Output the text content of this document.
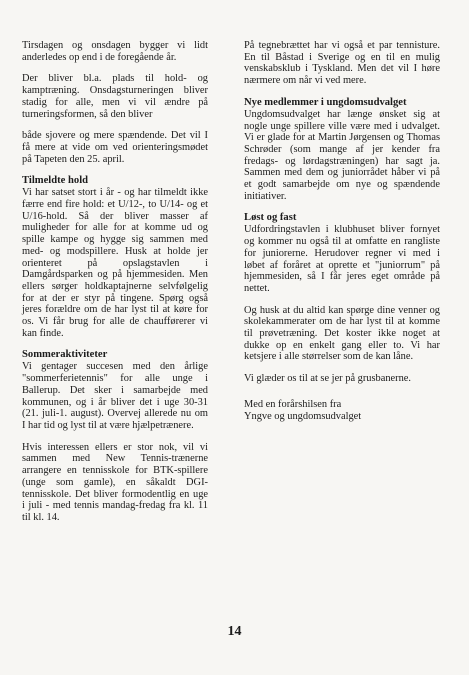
Tirsdagen og onsdagen bygger vi lidt anderledes op end i de foregående år.

Der bliver bl.a. plads til hold- og kamptræning. Onsdagsturneringen bliver stadig for alle, men vi vil ændre på turneringsformen, så den bliver

både sjovere og mere spændende. Det vil I få mere at vide om ved orienteringsmødet på Tapeten den 25. april.

Tilmeldte hold

Vi har satset stort i år - og har tilmeldt ikke færre end fire hold: et U/12-, to U/14- og et U/16-hold. Så der bliver masser af muligheder for alle for at komme ud og spille kampe og hygge sig sammen med med- og modspillere. Husk at holde jer orienteret på opslagstavlen i Damgårdsparken og på hjemmesiden. Men ellers sørger holdkaptajnerne selvfølgelig for at der er styr på tingene. Spørg også jeres forældre om de har lyst til at køre for os. Vi får brug for alle de chaufførerer vi kan finde.

Sommeraktiviteter

Vi gentager succesen med den årlige "sommerferietennis" for alle unge i Ballerup. Det sker i samarbejde med kommunen, og i år bliver det i uge 30-31 (21. juli-1. august). Overvej allerede nu om I har tid og lyst til at være hjælpetrænere.

Hvis interessen ellers er stor nok, vil vi sammen med New Tennis-trænerne arrangere en tennisskole for BTK-spillere (unge som gamle), en såkaldt DGI-tennisskole. Det bliver formodentlig en uge i juli - med tennis mandag-fredag fra kl. 11 til kl. 14.

På tegnebrættet har vi også et par tennisture. En til Båstad i Sverige og en til en mulig venskabsklub i Tyskland. Men det vil I høre nærmere om når vi ved mere.

Nye medlemmer i ungdomsudvalget

Ungdomsudvalget har længe ønsket sig at nogle unge spillere ville være med i udvalget. Vi er glade for at Martin Jørgensen og Thomas Schrøder (som mange af jer kender fra fredags- og lørdagstræningen) har sagt ja. Sammen med dem og juniorrådet håber vi på et godt samarbejde om nye og spændende initiativer.

Løst og fast

Udfordringstavlen i klubhuset bliver fornyet og kommer nu også til at omfatte en rangliste for juniorerne. Herudover regner vi med i løbet af foråret at oprette et "juniorrum" på hjemmesiden, så I får jeres eget område på nettet.

Og husk at du altid kan spørge dine venner og skolekammerater om de har lyst til at komme til prøvetræning. Det koster ikke noget at dukke op en enkelt gang eller to. Vi har ketsjere i alle størrelser som de kan låne.

Vi glæder os til at se jer på grusbanerne.

Med en forårshilsen fra
Yngve og ungdomsudvalget
14
